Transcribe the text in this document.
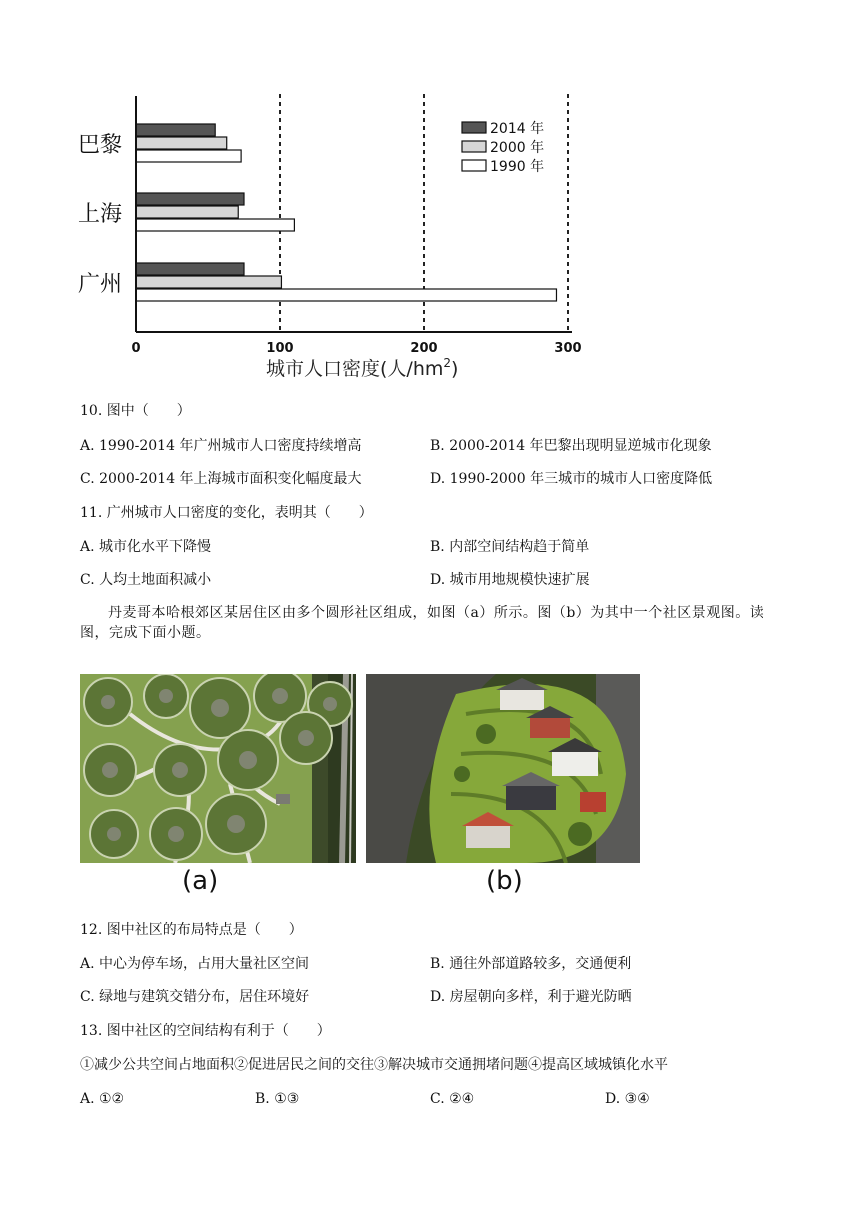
巴黎
上海
广州
0	100	200	300
2014 年
2000 年
1990 年
城市人口密度(人$/hm^2$)
10. 图中（　　）
A. 1990-2014 年广州城市人口密度持续增高	B. 2000-2014 年巴黎出现明显逆城市化现象
C. 2000-2014 年上海城市面积变化幅度最大	D. 1990-2000 年三城市的城市人口密度降低
11. 广州城市人口密度的变化，表明其（　　）
A. 城市化水平下降慢	B. 内部空间结构趋于简单
C. 人均土地面积减小	D. 城市用地规模快速扩展
丹麦哥本哈根郊区某居住区由多个圆形社区组成，如图（a）所示。图（b）为其中一个社区景观图。读图，完成下面小题。
(a)	(b)
12. 图中社区的布局特点是（　　）
A. 中心为停车场，占用大量社区空间	B. 通往外部道路较多，交通便利
C. 绿地与建筑交错分布，居住环境好	D. 房屋朝向多样，利于避光防晒
13. 图中社区的空间结构有利于（　　）
①减少公共空间占地面积②促进居民之间的交往③解决城市交通拥堵问题④提高区域城镇化水平
A. ①②	B. ①③	C. ②④	D. ③④
